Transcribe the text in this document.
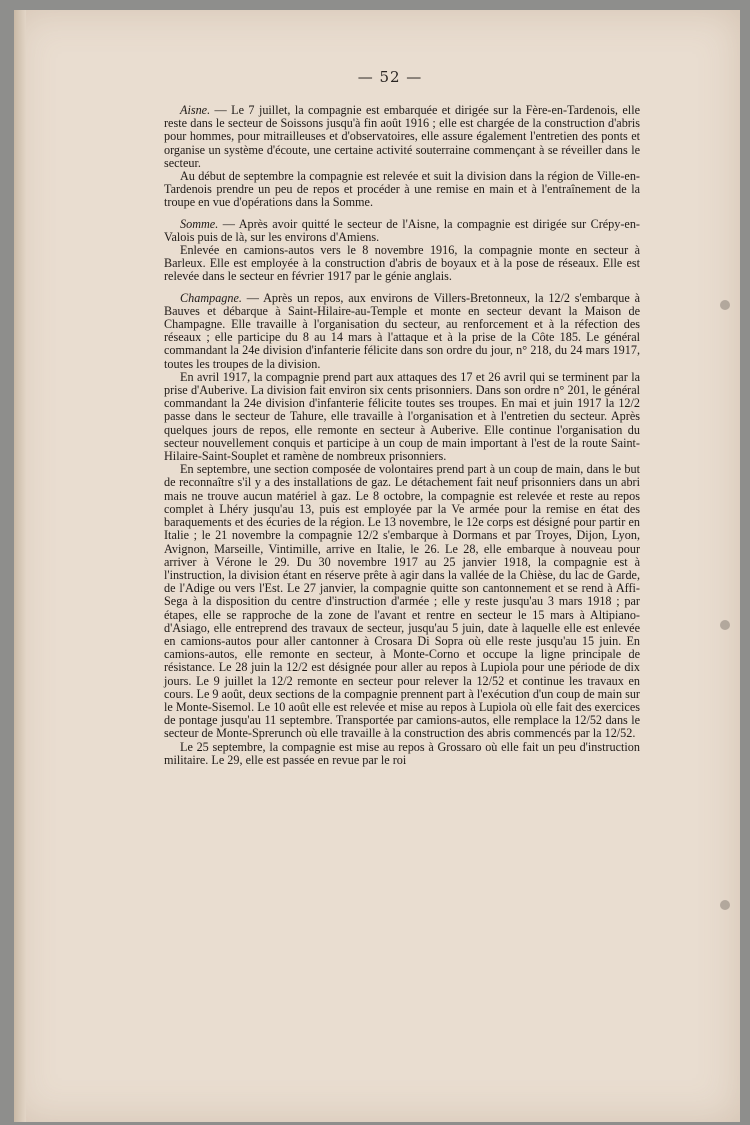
— 52 —

Aisne. — Le 7 juillet, la compagnie est embarquée et dirigée sur la Fère-en-Tardenois, elle reste dans le secteur de Soissons jusqu'à fin août 1916 ; elle est chargée de la construction d'abris pour hommes, pour mitrailleuses et d'observatoires, elle assure également l'entretien des ponts et organise un système d'écoute, une certaine activité souterraine commençant à se réveiller dans le secteur.

Au début de septembre la compagnie est relevée et suit la division dans la région de Ville-en-Tardenois prendre un peu de repos et procéder à une remise en main et à l'entraînement de la troupe en vue d'opérations dans la Somme.

Somme. — Après avoir quitté le secteur de l'Aisne, la compagnie est dirigée sur Crépy-en-Valois puis de là, sur les environs d'Amiens.

Enlevée en camions-autos vers le 8 novembre 1916, la compagnie monte en secteur à Barleux. Elle est employée à la construction d'abris de boyaux et à la pose de réseaux. Elle est relevée dans le secteur en février 1917 par le génie anglais.

Champagne. — Après un repos, aux environs de Villers-Bretonneux, la 12/2 s'embarque à Bauves et débarque à Saint-Hilaire-au-Temple et monte en secteur devant la Maison de Champagne. Elle travaille à l'organisation du secteur, au renforcement et à la réfection des réseaux ; elle participe du 8 au 14 mars à l'attaque et à la prise de la Côte 185. Le général commandant la 24e division d'infanterie félicite dans son ordre du jour, n° 218, du 24 mars 1917, toutes les troupes de la division.

En avril 1917, la compagnie prend part aux attaques des 17 et 26 avril qui se terminent par la prise d'Auberive. La division fait environ six cents prisonniers. Dans son ordre n° 201, le général commandant la 24e division d'infanterie félicite toutes ses troupes. En mai et juin 1917 la 12/2 passe dans le secteur de Tahure, elle travaille à l'organisation et à l'entretien du secteur. Après quelques jours de repos, elle remonte en secteur à Auberive. Elle continue l'organisation du secteur nouvellement conquis et participe à un coup de main important à l'est de la route Saint-Hilaire-Saint-Souplet et ramène de nombreux prisonniers.

En septembre, une section composée de volontaires prend part à un coup de main, dans le but de reconnaître s'il y a des installations de gaz. Le détachement fait neuf prisonniers dans un abri mais ne trouve aucun matériel à gaz. Le 8 octobre, la compagnie est relevée et reste au repos complet à Lhéry jusqu'au 13, puis est employée par la Ve armée pour la remise en état des baraquements et des écuries de la région. Le 13 novembre, le 12e corps est désigné pour partir en Italie ; le 21 novembre la compagnie 12/2 s'embarque à Dormans et par Troyes, Dijon, Lyon, Avignon, Marseille, Vintimille, arrive en Italie, le 26. Le 28, elle embarque à nouveau pour arriver à Vérone le 29. Du 30 novembre 1917 au 25 janvier 1918, la compagnie est à l'instruction, la division étant en réserve prête à agir dans la vallée de la Chièse, du lac de Garde, de l'Adige ou vers l'Est. Le 27 janvier, la compagnie quitte son cantonnement et se rend à Affi-Sega à la disposition du centre d'instruction d'armée ; elle y reste jusqu'au 3 mars 1918 ; par étapes, elle se rapproche de la zone de l'avant et rentre en secteur le 15 mars à Altipiano-d'Asiago, elle entreprend des travaux de secteur, jusqu'au 5 juin, date à laquelle elle est enlevée en camions-autos pour aller cantonner à Crosara Di Sopra où elle reste jusqu'au 15 juin. En camions-autos, elle remonte en secteur, à Monte-Corno et occupe la ligne principale de résistance. Le 28 juin la 12/2 est désignée pour aller au repos à Lupiola pour une période de dix jours. Le 9 juillet la 12/2 remonte en secteur pour relever la 12/52 et continue les travaux en cours. Le 9 août, deux sections de la compagnie prennent part à l'exécution d'un coup de main sur le Monte-Sisemol. Le 10 août elle est relevée et mise au repos à Lupiola où elle fait des exercices de pontage jusqu'au 11 septembre. Transportée par camions-autos, elle remplace la 12/52 dans le secteur de Monte-Sprerunch où elle travaille à la construction des abris commencés par la 12/52.

Le 25 septembre, la compagnie est mise au repos à Grossaro où elle fait un peu d'instruction militaire. Le 29, elle est passée en revue par le roi
